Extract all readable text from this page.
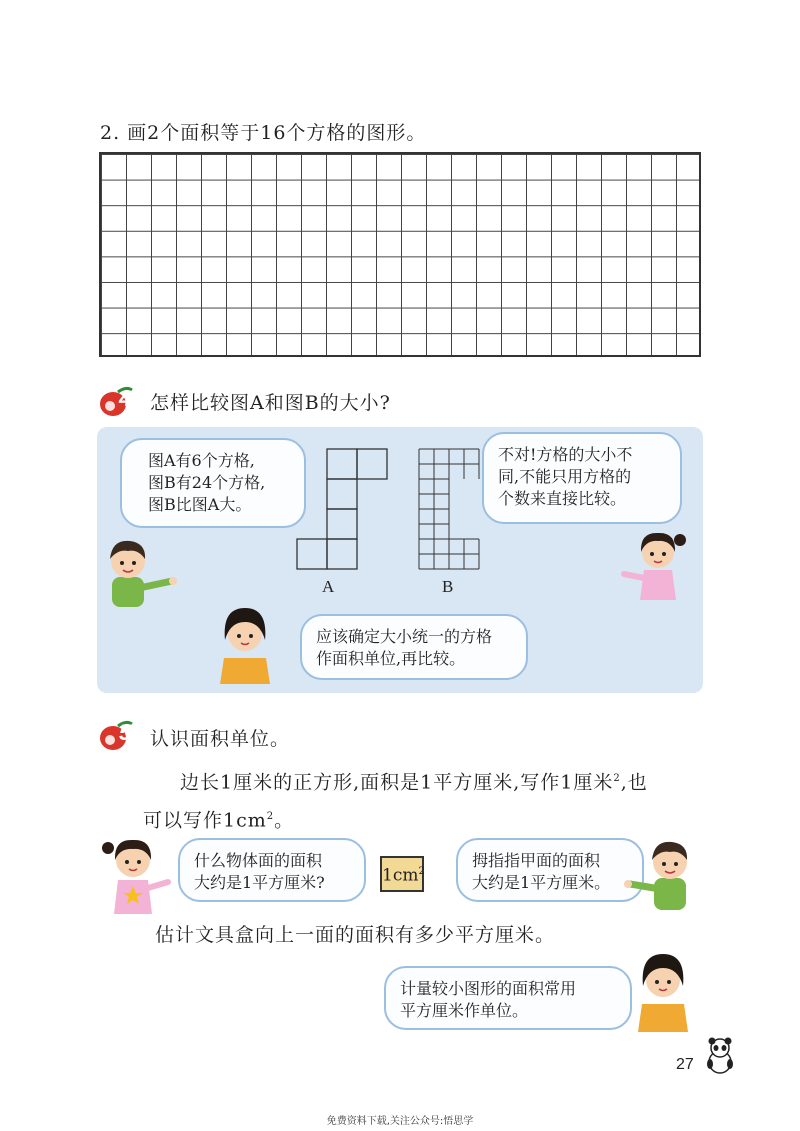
2. 画2个面积等于16个方格的图形。
4 怎样比较图A和图B的大小?
图A有6个方格,
图B有24个方格,
图B比图A大。
A	B
不对!方格的大小不
同,不能只用方格的
个数来直接比较。
应该确定大小统一的方格
作面积单位,再比较。
5 认识面积单位。
边长1厘米的正方形,面积是1平方厘米,写作1厘米$^2$,也
可以写作$1cm^2$。
什么物体面的面积
大约是1平方厘米?	$1cm^2$
拇指指甲面的面积
大约是1平方厘米。
估计文具盒向上一面的面积有多少平方厘米。
计量较小图形的面积常用
平方厘米作单位。
27
免费资料下载,关注公众号:悟思学
